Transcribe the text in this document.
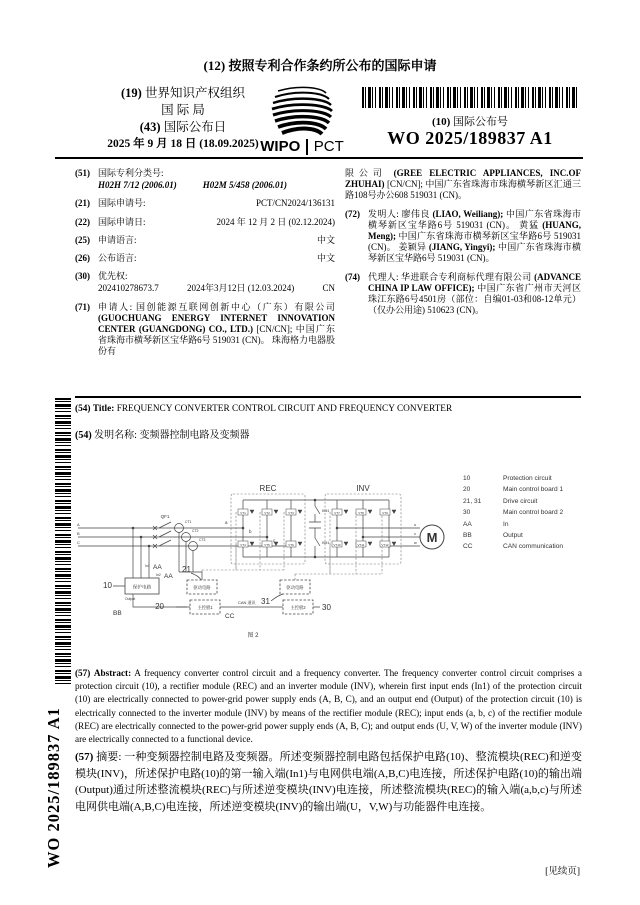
(12) 按照专利合作条约所公布的国际申请
(19) 世界知识产权组织
国 际 局
(43) 国际公布日
2025 年 9 月 18 日 (18.09.2025) WIPO PCT
(10) 国际公布号
WO 2025/189837 A1
(51) 国际专利分类号:
H02H 7/12 (2006.01)	H02M 5/458 (2006.01)
(21) 国际申请号:	PCT/CN2024/136131
(22) 国际申请日:	2024 年 12 月 2 日 (02.12.2024)
(25) 申请语言:	中文
(26) 公布语言:	中文
(30) 优先权:
202410278673.7	2024年3月12日 (12.03.2024)	CN
(71) 申请人: 国创能源互联网创新中心（广东）有限公司(GUOCHUANG ENERGY INTERNET INNOVATION CENTER (GUANGDONG) CO., LTD.) [CN/CN]; 中国广东省珠海市横琴新区宝华路6号 519031 (CN)。 珠海格力电器股份有
限公司 (GREE ELECTRIC APPLIANCES, INC.OF ZHUHAI) [CN/CN]; 中国广东省珠海市珠海横琴新区汇通三路108号办公608 519031 (CN)。
(72) 发明人: 廖伟良 (LIAO, Weiliang); 中国广东省珠海市横琴新区宝华路6号 519031 (CN)。 黄猛 (HUANG, Meng); 中国广东省珠海市横琴新区宝华路6号 519031 (CN)。 姜颖异 (JIANG, Yingyi); 中国广东省珠海市横琴新区宝华路6号 519031 (CN)。
(74) 代理人: 华进联合专利商标代理有限公司 (ADVANCE CHINA IP LAW OFFICE); 中国广东省广州市天河区珠江东路6号4501房（部位：自编01-03和08-12单元）（仅办公用途) 510623 (CN)。
(54) Title: FREQUENCY CONVERTER CONTROL CIRCUIT AND FREQUENCY CONVERTER
(54) 发明名称: 变频器控制电路及变频器
10	Protection circuit
20	Main control board 1
21, 31	Drive circuit
30	Main control board 2
AA	In
BB	Output
CC	CAN communication
REC	INV
QF1
A
B
C
a
b
c
CT1
CT2
CT3
KM1
KM1
u
v
w M
10
20
21
30
31
In1 AA
In2 AA
Output
BB	CC
CAN 通讯
保护电路	驱动电路
主控板1
驱动电路
主控板2
VT1	VT2	VT3
VT4	VT5	VT6
VT7	VT8	VT9
VT10	VT11	VT12
图 2
(57) Abstract: A frequency converter control circuit and a frequency converter. The frequency converter control circuit comprises a protection circuit (10), a rectifier module (REC) and an inverter module (INV), wherein first input ends (In1) of the protection circuit (10) are electrically connected to power-grid power supply ends (A, B, C), and an output end (Output) of the protection circuit (10) is electrically connected to the inverter module (INV) by means of the rectifier module (REC); input ends (a, b, c) of the rectifier module (REC) are electrically connected to the power-grid power supply ends (A, B, C); and output ends (U, V, W) of the inverter module (INV) are electrically connected to a functional device.
(57) 摘要: 一种变频器控制电路及变频器。所述变频器控制电路包括保护电路(10)、整流模块(REC)和逆变模块(INV)，所述保护电路(10)的第一输入端(In1)与电网供电端(A,B,C)电连接，所述保护电路(10)的输出端(Output)通过所述整流模块(REC)与所述逆变模块(INV)电连接，所述整流模块(REC)的输入端(a,b,c)与所述电网供电端(A,B,C)电连接，所述逆变模块(INV)的输出端(U，V,W)与功能器件电连接。
WO 2025/189837 A1
[见续页]
